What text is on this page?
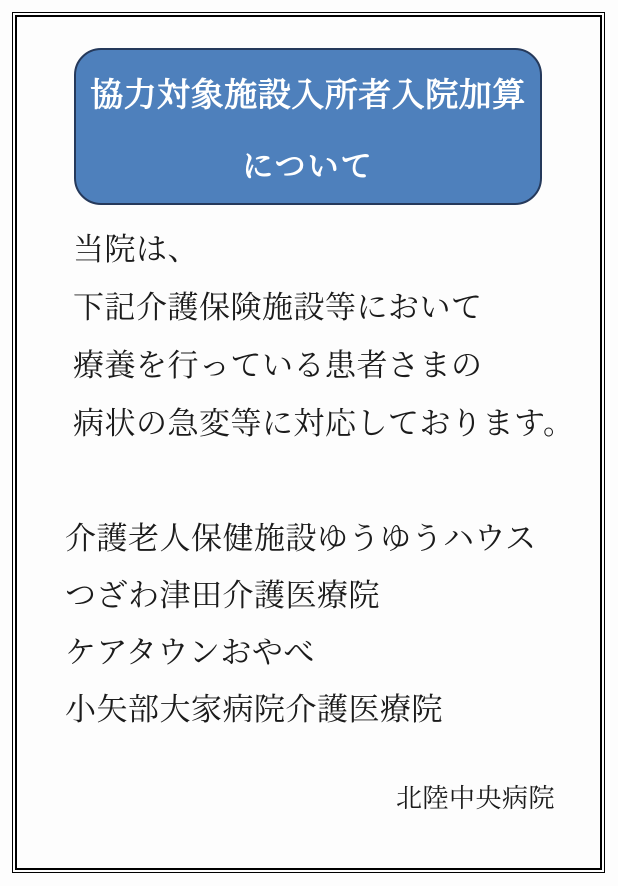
協力対象施設入所者入院加算
について

当院は、

下記介護保険施設等において

療養を行っている患者さまの

病状の急変等に対応しております。

介護老人保健施設ゆうゆうハウス

つざわ津田介護医療院

ケアタウンおやべ

小矢部大家病院介護医療院

北陸中央病院
